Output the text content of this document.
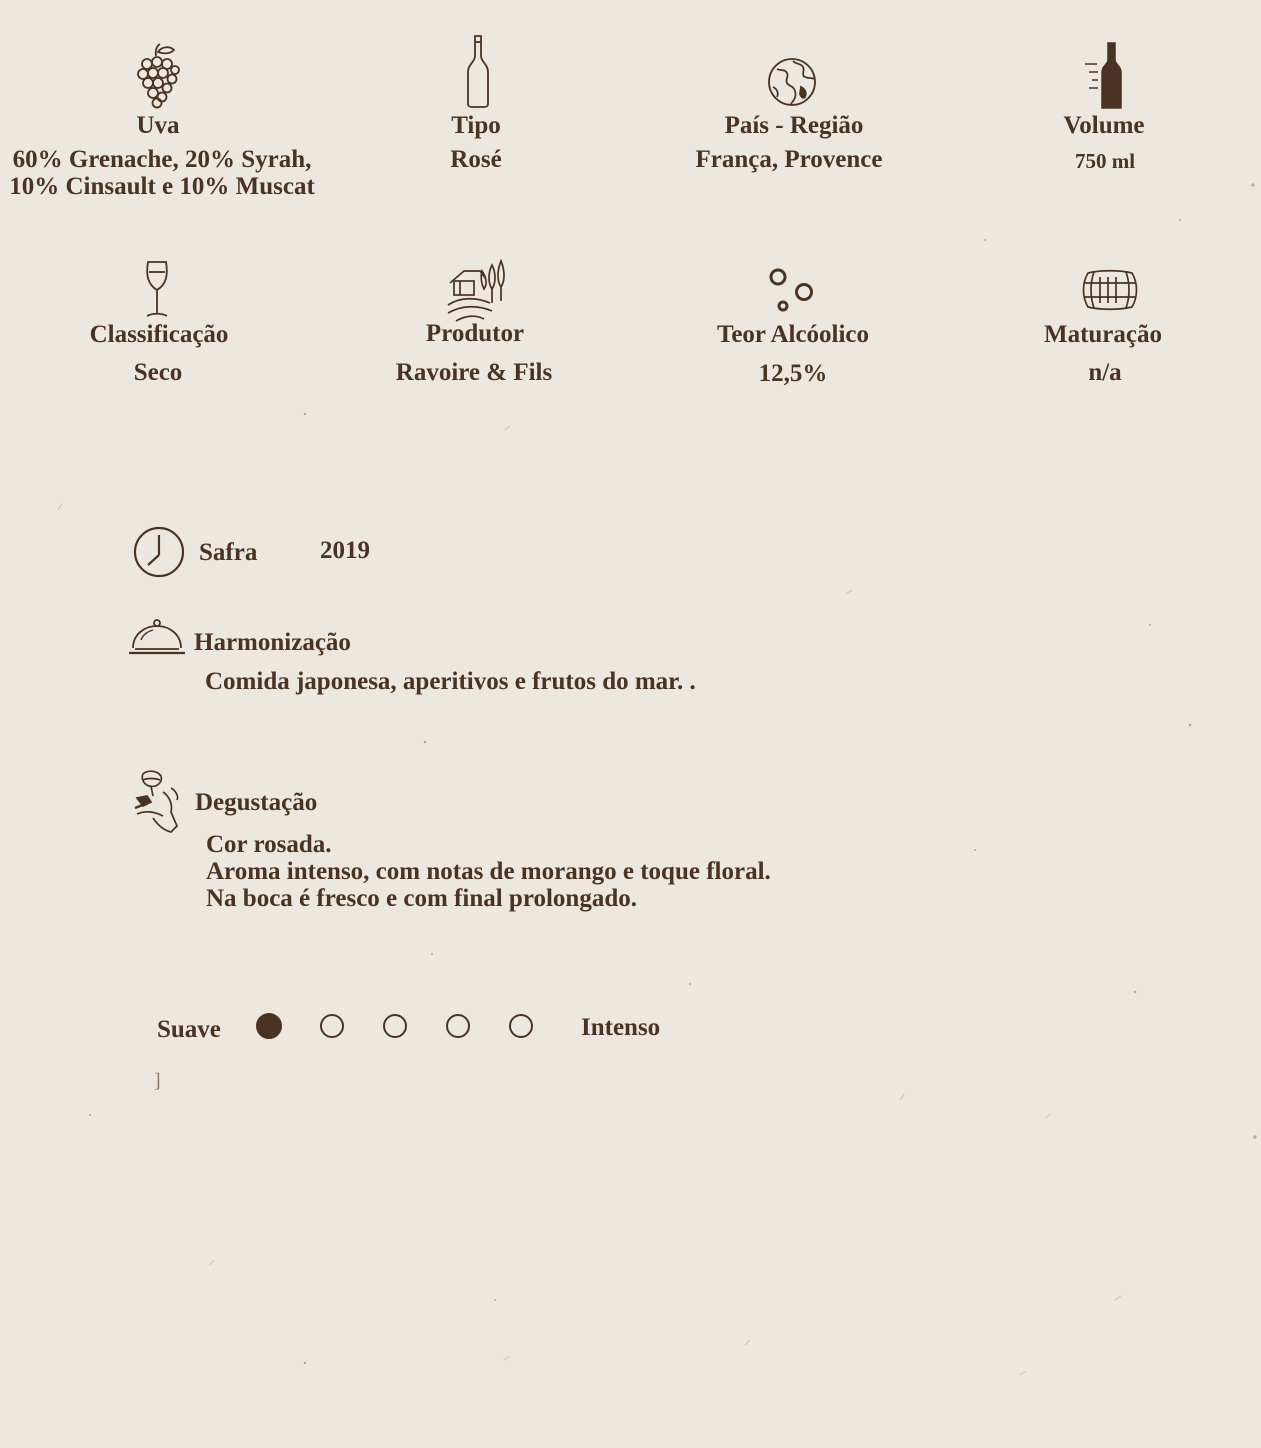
Uva
60% Grenache, 20% Syrah,
10% Cinsault e 10% Muscat
Tipo
Rosé
País - Região
França, Provence
Volume
750 ml
Classificação
Seco
Produtor
Ravoire & Fils
Teor Alcóolico
12,5%
Maturação
n/a
Safra	2019
Harmonização
Comida japonesa, aperitivos e frutos do mar. .
Degustação
Cor rosada.
Aroma intenso, com notas de morango e toque floral.
Na boca é fresco e com final prolongado.
Suave	Intenso
]
